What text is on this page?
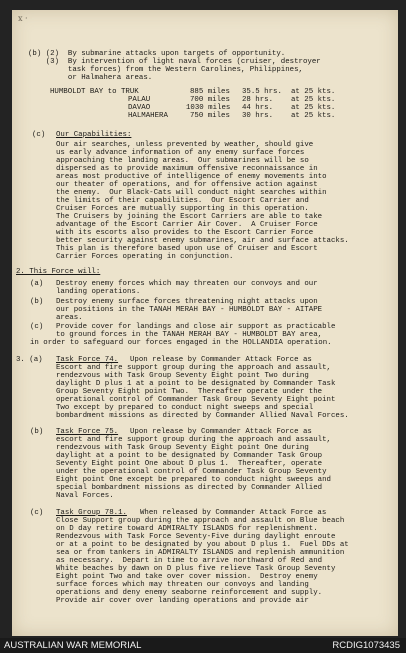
x ·
(b) (2)  By submarine attacks upon targets of opportunity.
(3)  By intervention of light naval forces (cruiser, destroyer
task forces) from the Western Carolines, Philippines,
or Halmahera areas.
HUMBOLDT BAY to TRUK	885 miles 35.5 hrs. at 25 kts.
PALAU	700 miles 28 hrs. at 25 kts.
DAVAO	1030 miles 44 hrs. at 25 kts.
HALMAHERA	750 miles 30 hrs. at 25 kts.
(c) Our Capabilities:
Our air searches, unless prevented by weather, should give
us early advance information of any enemy surface forces
approaching the landing areas.  Our submarines will be so
dispersed as to provide maximum offensive reconnaissance in
areas most productive of intelligence of enemy movements into
our theater of operations, and for offensive action against
the enemy.  Our Black-Cats will conduct night searches within
the limits of their capabilities.  Our Escort Carrier and
Cruiser Forces are mutually supporting in this operation.
The Cruisers by joining the Escort Carriers are able to take
advantage of the Escort Carrier Air Cover.  A Cruiser Force
with its escorts also provides to the Escort Carrier Force
better security against enemy submarines, air and surface attacks.
This plan is therefore based upon use of Cruiser and Escort
Carrier Forces operating in conjunction.
2. This Force will:
(a) Destroy enemy forces which may threaten our convoys and our
landing operations.
(b) Destroy enemy surface forces threatening night attacks upon
our positions in the TANAH MERAH BAY - HUMBOLDT BAY - AITAPE
areas.
(c) Provide cover for landings and close air support as practicable
to ground forces in the TANAH MERAH BAY - HUMBOLDT BAY area,
in order to safeguard our forces engaged in the HOLLANDIA operation.
3. (a) Task Force 74. Upon release by Commander Attack Force as
Escort and fire support group during the approach and assault,
rendezvous with Task Group Seventy Eight point Two during
daylight D plus 1 at a point to be designated by Commander Task
Group Seventy Eight point Two.  Thereafter operate under the
operational control of Commander Task Group Seventy Eight point
Two except by prepared to conduct night sweeps and special
bombardment missions as directed by Commander Allied Naval Forces.
(b) Task Force 75. Upon release by Commander Attack Force as
escort and fire support group during the approach and assault,
rendezvous with Task Group Seventy Eight point One during
daylight at a point to be designated by Commander Task Group
Seventy Eight point One about D plus 1.  Thereafter, operate
under the operational control of Commander Task Group Seventy
Eight point One except be prepared to conduct night sweeps and
special bombardment missions as directed by Commander Allied
Naval Forces.
(c) Task Group 78.1. When released by Commander Attack Force as
Close Support group during the approach and assault on Blue beach
on D day retire toward ADMIRALTY ISLANDS for replenishment.
Rendezvous with Task Force Seventy-Five during daylight enroute
or at a point to be designated by you about D plus 1.  Fuel DDs at
sea or from tankers in ADMIRALTY ISLANDS and replenish ammunition
as necessary.  Depart in time to arrive northward of Red and
White beaches by dawn on D plus five relieve Task Group Seventy
Eight point Two and take over cover mission.  Destroy enemy
surface forces which may threaten our convoys and landing
operations and deny enemy seaborne reinforcement and supply.
Provide air cover over landing operations and provide air
AUSTRALIAN WAR MEMORIAL	RCDIG1073435
